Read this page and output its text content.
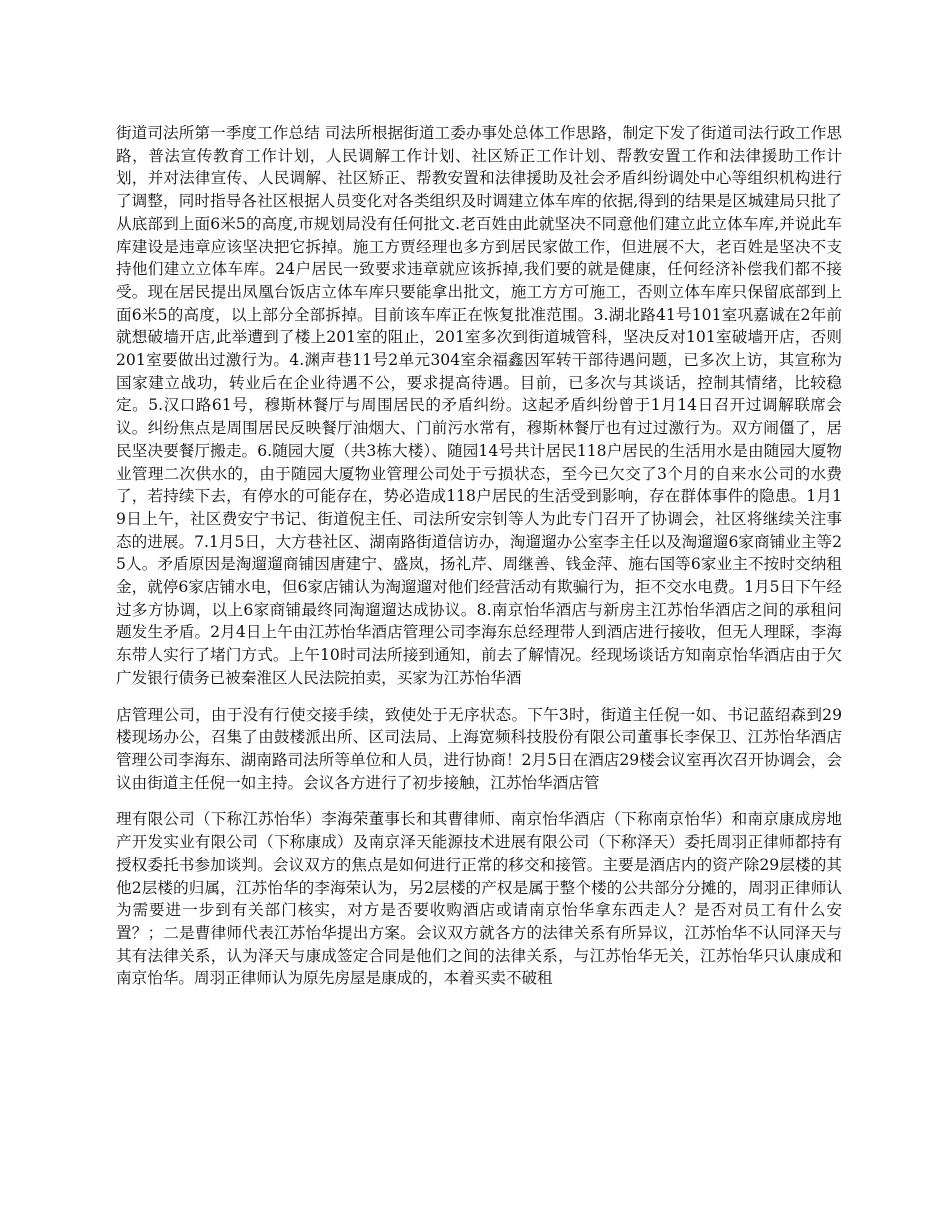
街道司法所第一季度工作总结 司法所根据街道工委办事处总体工作思路，制定下发了街道司法行政工作思路，普法宣传教育工作计划，人民调解工作计划、社区矫正工作计划、帮教安置工作和法律援助工作计划，并对法律宣传、人民调解、社区矫正、帮教安置和法律援助及社会矛盾纠纷调处中心等组织机构进行了调整，同时指导各社区根据人员变化对各类组织及时调建立体车库的依据,得到的结果是区城建局只批了从底部到上面6米5的高度,市规划局没有任何批文.老百姓由此就坚决不同意他们建立此立体车库,并说此车库建设是违章应该坚决把它拆掉。施工方贾经理也多方到居民家做工作，但进展不大，老百姓是坚决不支持他们建立立体车库。24户居民一致要求违章就应该拆掉,我们要的就是健康，任何经济补偿我们都不接受。现在居民提出凤凰台饭店立体车库只要能拿出批文，施工方方可施工，否则立体车库只保留底部到上面6米5的高度，以上部分全部拆掉。目前该车库正在恢复批准范围。3.湖北路41号101室巩嘉诚在2年前就想破墙开店,此举遭到了楼上201室的阻止，201室多次到街道城管科，坚决反对101室破墙开店，否则201室要做出过激行为。4.渊声巷11号2单元304室余福鑫因军转干部待遇问题，已多次上访，其宣称为国家建立战功，转业后在企业待遇不公，要求提高待遇。目前，已多次与其谈话，控制其情绪，比较稳定。5.汉口路61号，穆斯林餐厅与周围居民的矛盾纠纷。这起矛盾纠纷曾于1月14日召开过调解联席会议。纠纷焦点是周围居民反映餐厅油烟大、门前污水常有，穆斯林餐厅也有过过激行为。双方闹僵了，居民坚决要餐厅搬走。6.随园大厦（共3栋大楼）、随园14号共计居民118户居民的生活用水是由随园大厦物业管理二次供水的，由于随园大厦物业管理公司处于亏损状态，至今已欠交了3个月的自来水公司的水费了，若持续下去，有停水的可能存在，势必造成118户居民的生活受到影响，存在群体事件的隐患。1月19日上午，社区费安宁书记、街道倪主任、司法所安宗钊等人为此专门召开了协调会，社区将继续关注事态的进展。7.1月5日，大方巷社区、湖南路街道信访办，淘遛遛办公室李主任以及淘遛遛6家商铺业主等25人。矛盾原因是淘遛遛商铺因唐建宁、盛岚，扬礼芹、周继善、钱金萍、施右国等6家业主不按时交纳租金，就停6家店铺水电，但6家店铺认为淘遛遛对他们经营活动有欺骗行为，拒不交水电费。1月5日下午经过多方协调，以上6家商铺最终同淘遛遛达成协议。8.南京怡华酒店与新房主江苏怡华酒店之间的承租问题发生矛盾。2月4日上午由江苏怡华酒店管理公司李海东总经理带人到酒店进行接收，但无人理睬，李海东带人实行了堵门方式。上午10时司法所接到通知，前去了解情况。经现场谈话方知南京怡华酒店由于欠广发银行债务已被秦淮区人民法院拍卖，买家为江苏怡华酒

店管理公司，由于没有行使交接手续，致使处于无序状态。下午3时，街道主任倪一如、书记蓝绍森到29楼现场办公，召集了由鼓楼派出所、区司法局、上海宽频科技股份有限公司董事长李保卫、江苏怡华酒店管理公司李海东、湖南路司法所等单位和人员，进行协商！2月5日在酒店29楼会议室再次召开协调会，会议由街道主任倪一如主持。会议各方进行了初步接触，江苏怡华酒店管

理有限公司（下称江苏怡华）李海荣董事长和其曹律师、南京怡华酒店（下称南京怡华）和南京康成房地产开发实业有限公司（下称康成）及南京泽天能源技术进展有限公司（下称泽天）委托周羽正律师都持有授权委托书参加谈判。会议双方的焦点是如何进行正常的移交和接管。主要是酒店内的资产除29层楼的其他2层楼的归属，江苏怡华的李海荣认为，另2层楼的产权是属于整个楼的公共部分分摊的，周羽正律师认为需要进一步到有关部门核实，对方是否要收购酒店或请南京怡华拿东西走人？是否对员工有什么安置？；二是曹律师代表江苏怡华提出方案。会议双方就各方的法律关系有所异议，江苏怡华不认同泽天与其有法律关系，认为泽天与康成签定合同是他们之间的法律关系，与江苏怡华无关，江苏怡华只认康成和南京怡华。周羽正律师认为原先房屋是康成的，本着买卖不破租
